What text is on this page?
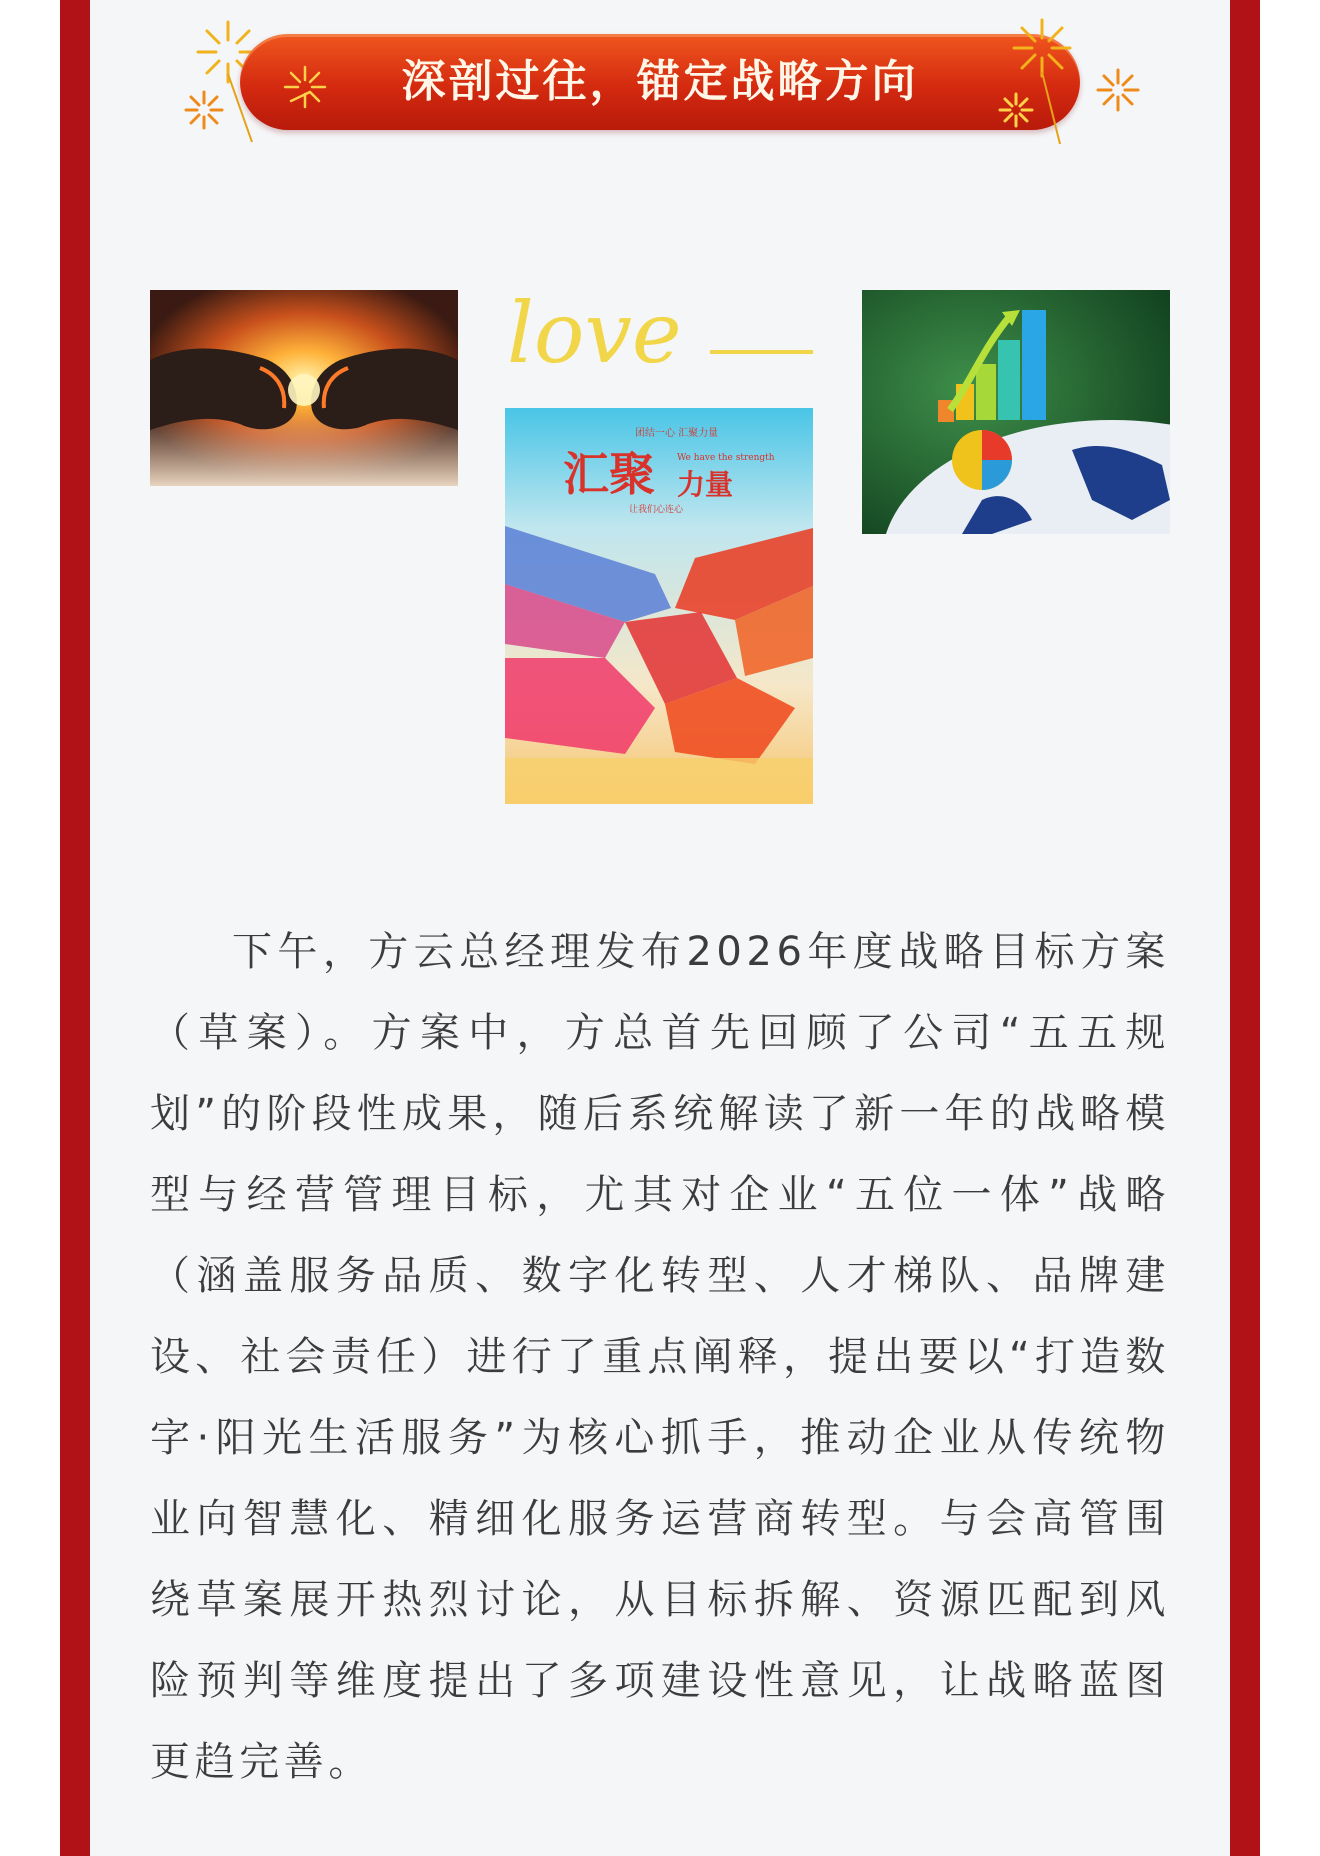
深剖过往，锚定战略方向
love
团结一心 汇聚力量
汇聚 力量
We have the strength
让我们心连心

下午，方云总经理发布2026年度战略目标方案（草案）。方案中，方总首先回顾了公司“五五规划”的阶段性成果，随后系统解读了新一年的战略模型与经营管理目标，尤其对企业“五位一体”战略（涵盖服务品质、数字化转型、人才梯队、品牌建设、社会责任）进行了重点阐释，提出要以“打造数字·阳光生活服务”为核心抓手，推动企业从传统物业向智慧化、精细化服务运营商转型。与会高管围绕草案展开热烈讨论，从目标拆解、资源匹配到风险预判等维度提出了多项建设性意见，让战略蓝图更趋完善。
